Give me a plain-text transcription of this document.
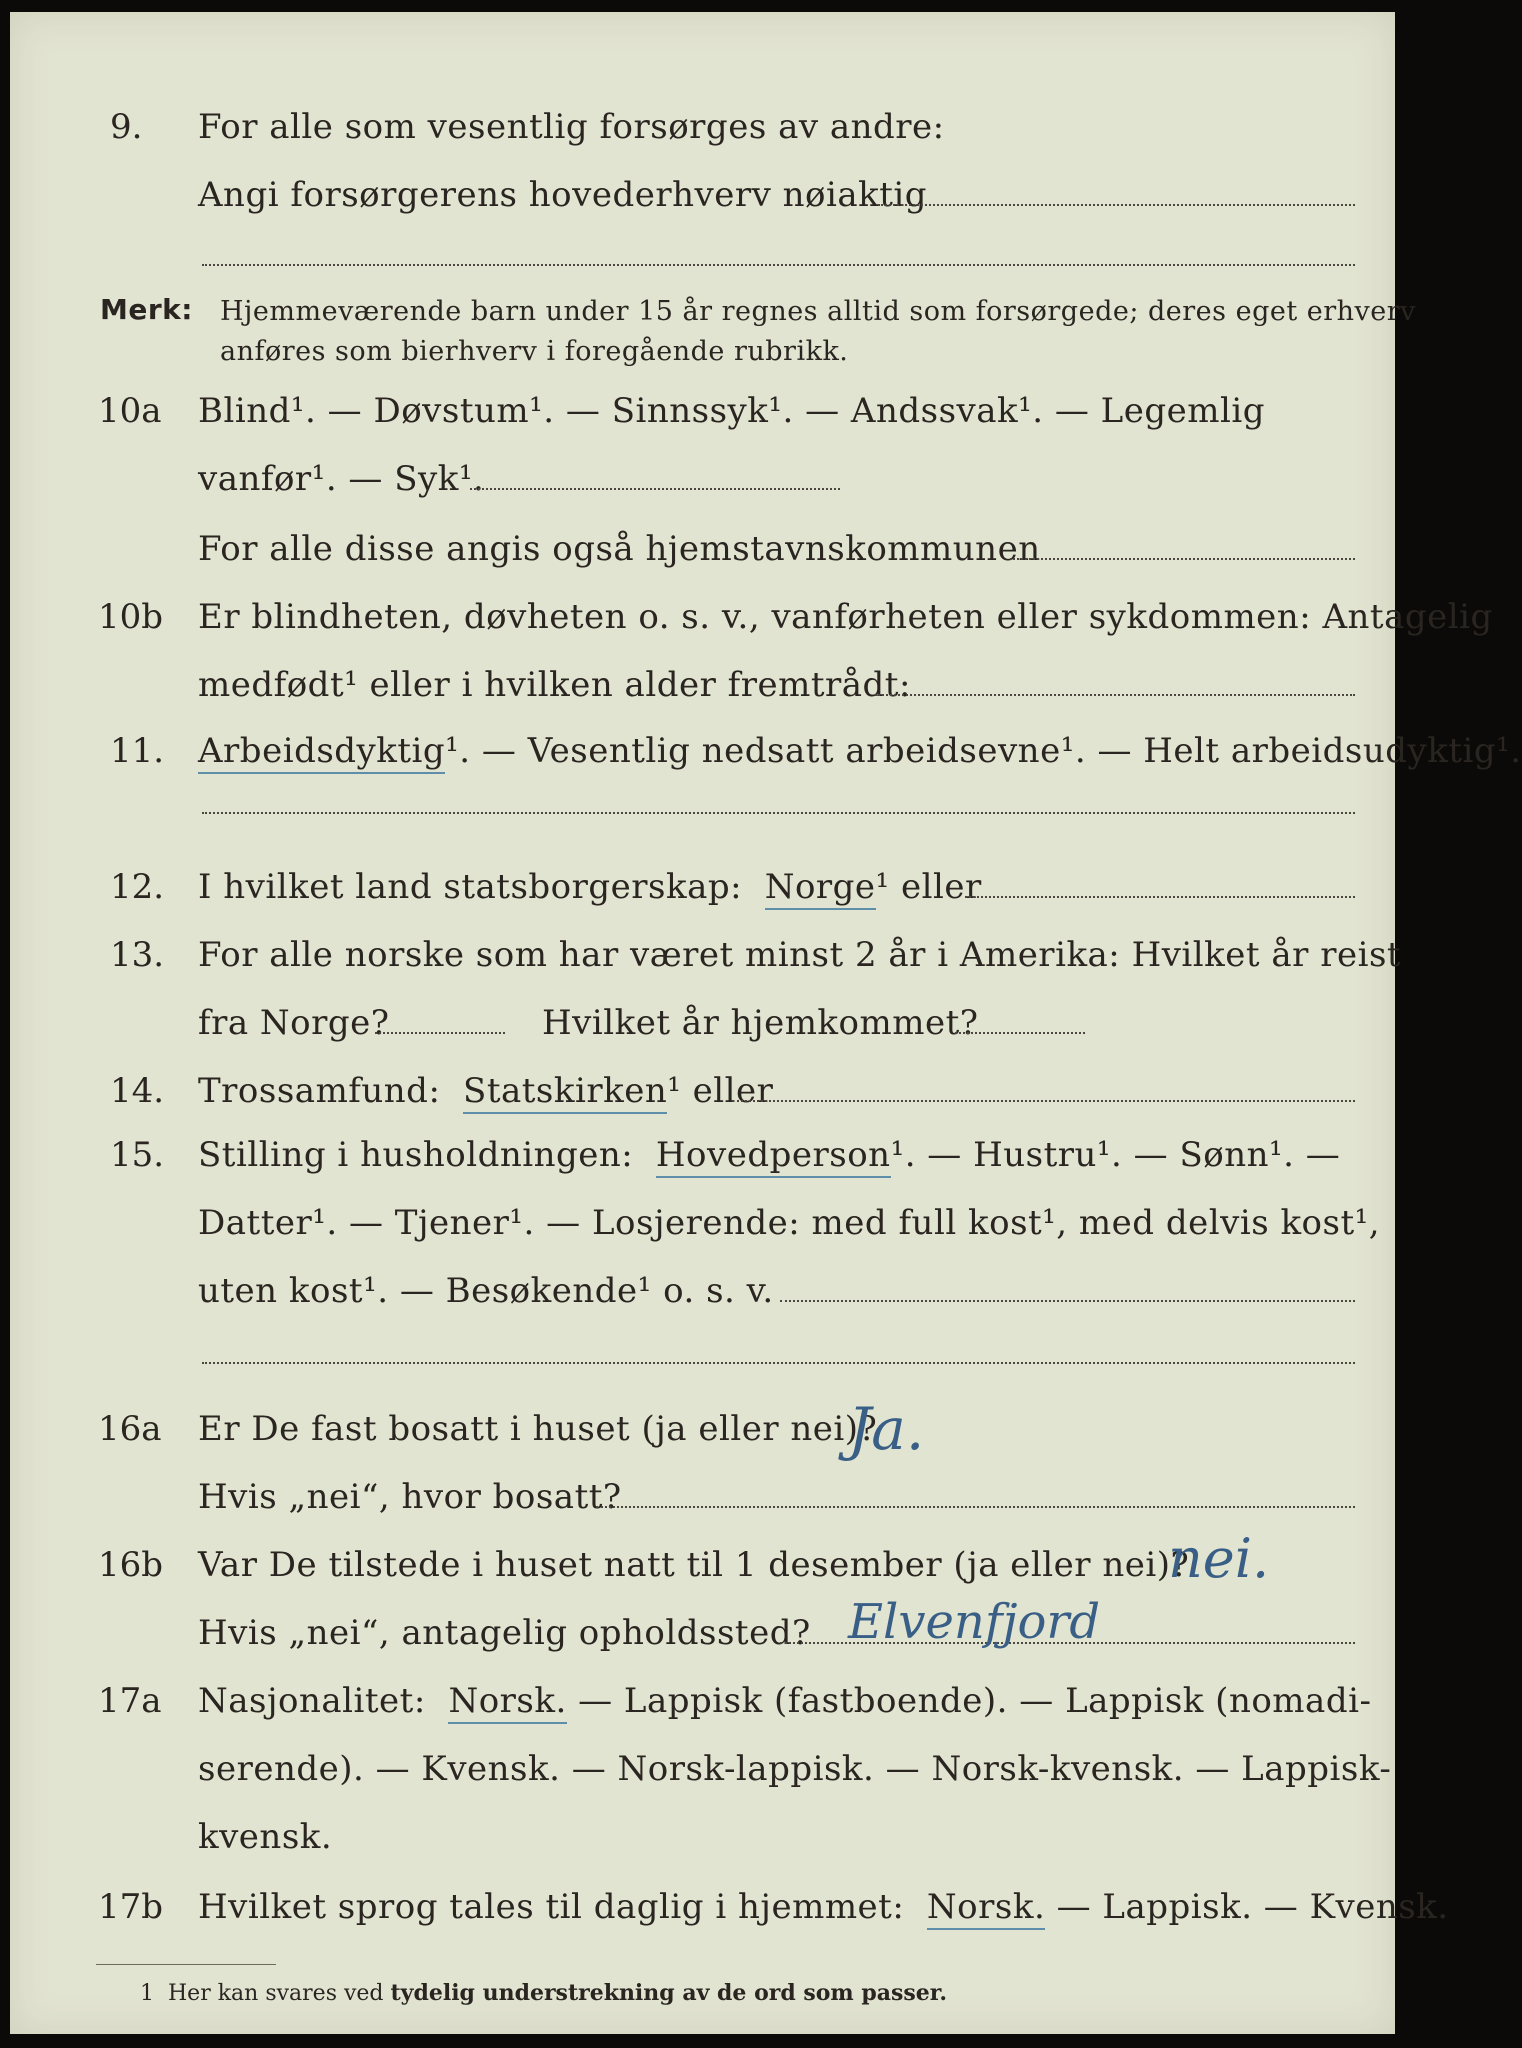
9. For alle som vesentlig forsørges av andre:
Angi forsørgerens hovederhverv nøiaktig
Merk: Hjemmeværende barn under 15 år regnes alltid som forsørgede; deres eget erhverv
anføres som bierhverv i foregående rubrikk.
10a Blind¹. — Døvstum¹. — Sinnssyk¹. — Andssvak¹. — Legemlig
vanfør¹. — Syk¹.
For alle disse angis også hjemstavnskommunen
10b Er blindheten, døvheten o. s. v., vanførheten eller sykdommen: Antagelig
medfødt¹ eller i hvilken alder fremtrådt:
11. Arbeidsdyktig¹. — Vesentlig nedsatt arbeidsevne¹. — Helt arbeidsudyktig¹.
12. I hvilket land statsborgerskap: Norge¹ eller
13. For alle norske som har været minst 2 år i Amerika: Hvilket år reist
fra Norge?	Hvilket år hjemkommet?
14. Trossamfund: Statskirken¹ eller
15. Stilling i husholdningen: Hovedperson¹. — Hustru¹. — Sønn¹. —
Datter¹. — Tjener¹. — Losjerende: med full kost¹, med delvis kost¹,
uten kost¹. — Besøkende¹ o. s. v.
16a Er De fast bosatt i huset (ja eller nei)?
Ja.
Hvis „nei“, hvor bosatt?
16b Var De tilstede i huset natt til 1 desember (ja eller nei)?
nei.
Hvis „nei“, antagelig opholdssted? Elvenfjord
17a Nasjonalitet: Norsk. — Lappisk (fastboende). — Lappisk (nomadi-
serende). — Kvensk. — Norsk-lappisk. — Norsk-kvensk. — Lappisk-
kvensk.
17b Hvilket sprog tales til daglig i hjemmet: Norsk. — Lappisk. — Kvensk.
1 Her kan svares ved tydelig understrekning av de ord som passer.
